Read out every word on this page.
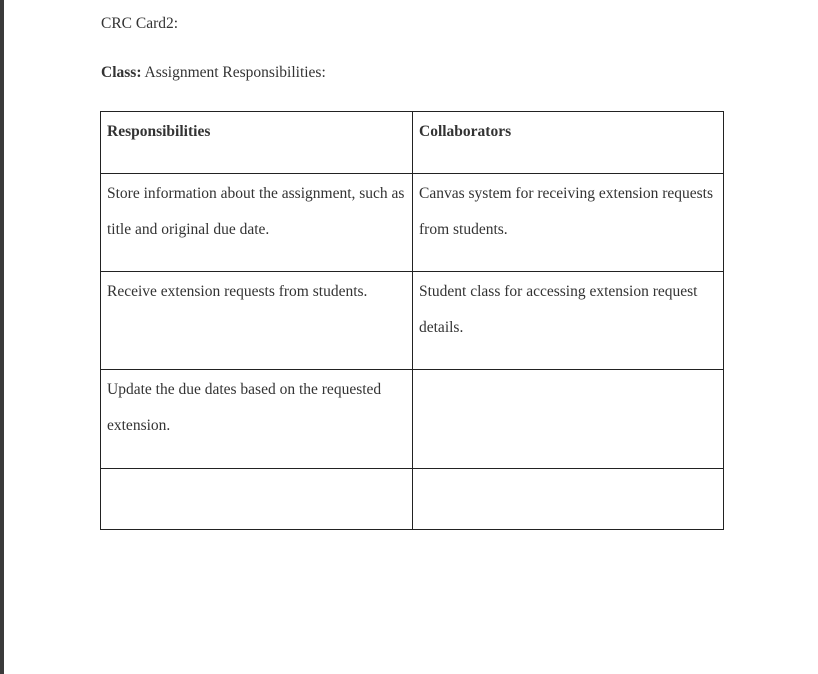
CRC Card2:
Class: Assignment Responsibilities:
Responsibilities	Collaborators

Store information about the assignment, such as title and original due date.	Canvas system for receiving extension requests from students.

Receive extension requests from students.	Student class for accessing extension request details.

Update the due dates based on the requested extension.	
